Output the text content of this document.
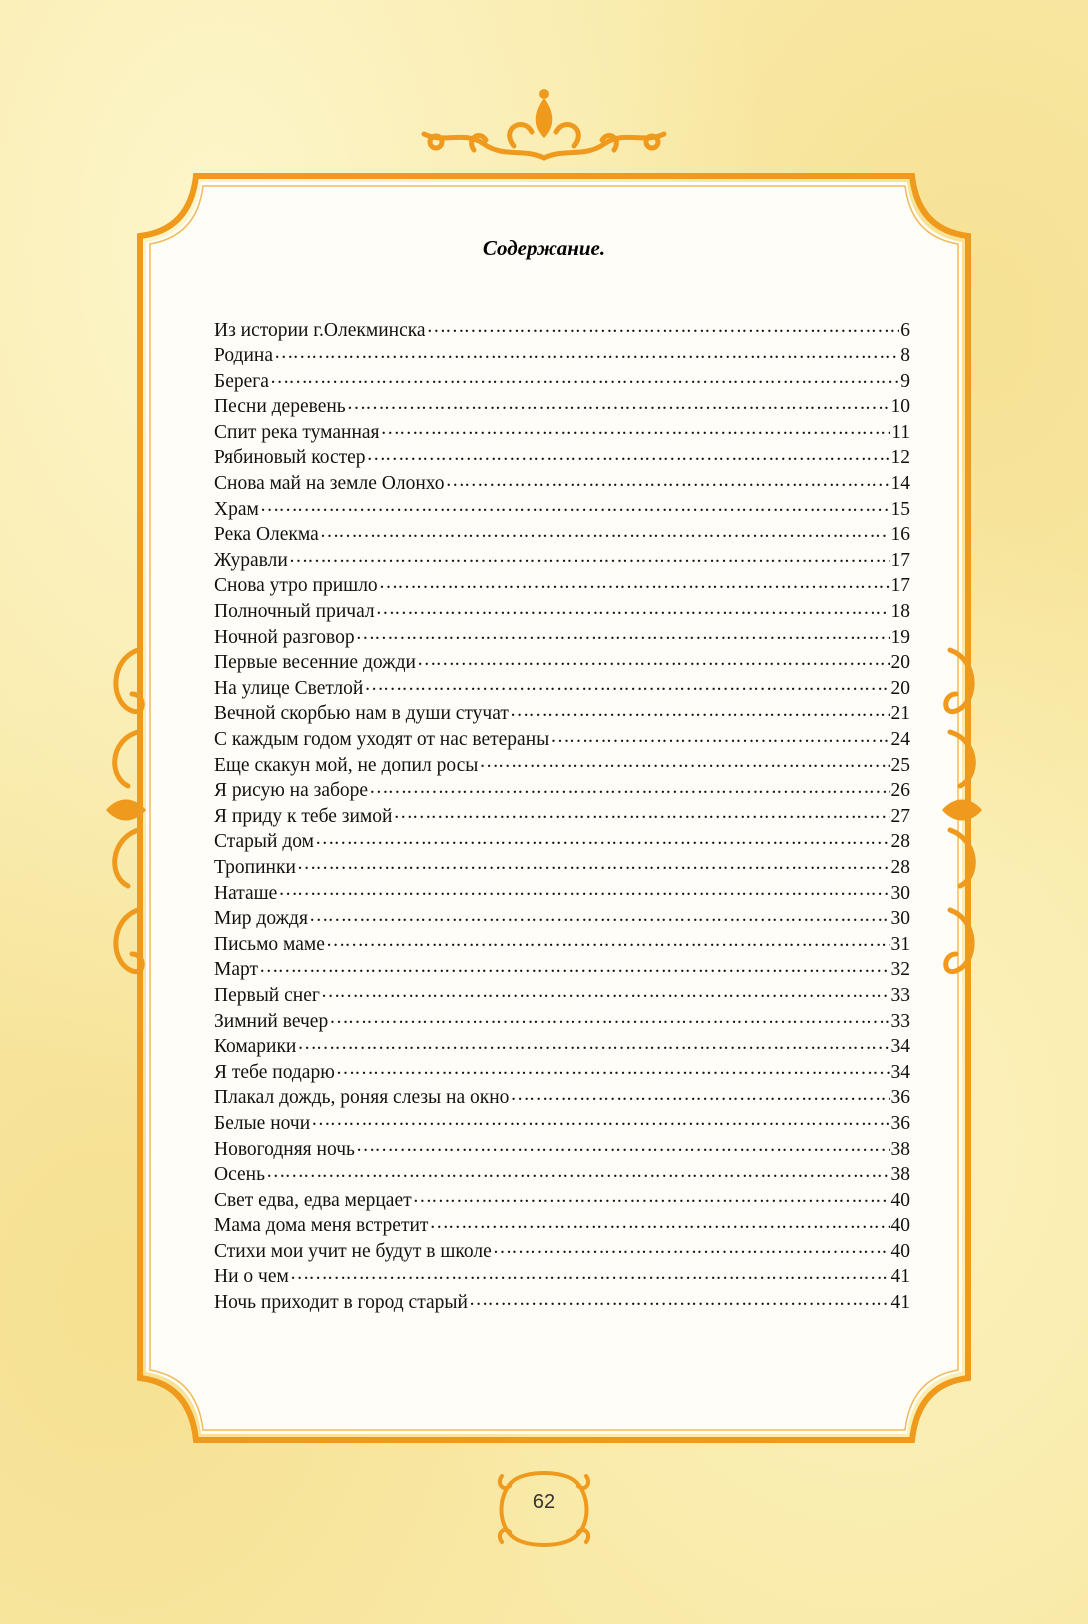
Содержание.
Из истории г.Олекминска …………………………………………………………………………………………………………………………………………………………………………	6
Родина …………………………………………………………………………………………………………………………………………………………………………	8
Берега …………………………………………………………………………………………………………………………………………………………………………	9
Песни деревень …………………………………………………………………………………………………………………………………………………………………………	10
Спит река туманная …………………………………………………………………………………………………………………………………………………………………………	11
Рябиновый костер …………………………………………………………………………………………………………………………………………………………………………	12
Снова май на земле Олонхо …………………………………………………………………………………………………………………………………………………………………………	14
Храм …………………………………………………………………………………………………………………………………………………………………………	15
Река Олекма …………………………………………………………………………………………………………………………………………………………………………	16
Журавли …………………………………………………………………………………………………………………………………………………………………………	17
Снова утро пришло …………………………………………………………………………………………………………………………………………………………………………	17
Полночный причал …………………………………………………………………………………………………………………………………………………………………………	18
Ночной разговор …………………………………………………………………………………………………………………………………………………………………………	19
Первые весенние дожди …………………………………………………………………………………………………………………………………………………………………………	20
На улице Светлой …………………………………………………………………………………………………………………………………………………………………………	20
Вечной скорбью нам в души стучат …………………………………………………………………………………………………………………………………………………………………………	21
С каждым годом уходят от нас ветераны …………………………………………………………………………………………………………………………………………………………………………	24
Еще скакун мой, не допил росы …………………………………………………………………………………………………………………………………………………………………………	25
Я рисую на заборе …………………………………………………………………………………………………………………………………………………………………………	26
Я приду к тебе зимой …………………………………………………………………………………………………………………………………………………………………………	27
Старый дом …………………………………………………………………………………………………………………………………………………………………………	28
Тропинки …………………………………………………………………………………………………………………………………………………………………………	28
Наташе …………………………………………………………………………………………………………………………………………………………………………	30
Мир дождя …………………………………………………………………………………………………………………………………………………………………………	30
Письмо маме …………………………………………………………………………………………………………………………………………………………………………	31
Март …………………………………………………………………………………………………………………………………………………………………………	32
Первый снег …………………………………………………………………………………………………………………………………………………………………………	33
Зимний вечер …………………………………………………………………………………………………………………………………………………………………………	33
Комарики …………………………………………………………………………………………………………………………………………………………………………	34
Я тебе подарю …………………………………………………………………………………………………………………………………………………………………………	34
Плакал дождь, роняя слезы на окно …………………………………………………………………………………………………………………………………………………………………………	36
Белые ночи …………………………………………………………………………………………………………………………………………………………………………	36
Новогодняя ночь …………………………………………………………………………………………………………………………………………………………………………	38
Осень …………………………………………………………………………………………………………………………………………………………………………	38
Свет едва, едва мерцает …………………………………………………………………………………………………………………………………………………………………………	40
Мама дома меня встретит …………………………………………………………………………………………………………………………………………………………………………	40
Стихи мои учит не будут в школе …………………………………………………………………………………………………………………………………………………………………………	40
Ни о чем …………………………………………………………………………………………………………………………………………………………………………	41
Ночь приходит в город старый …………………………………………………………………………………………………………………………………………………………………………	41
62
